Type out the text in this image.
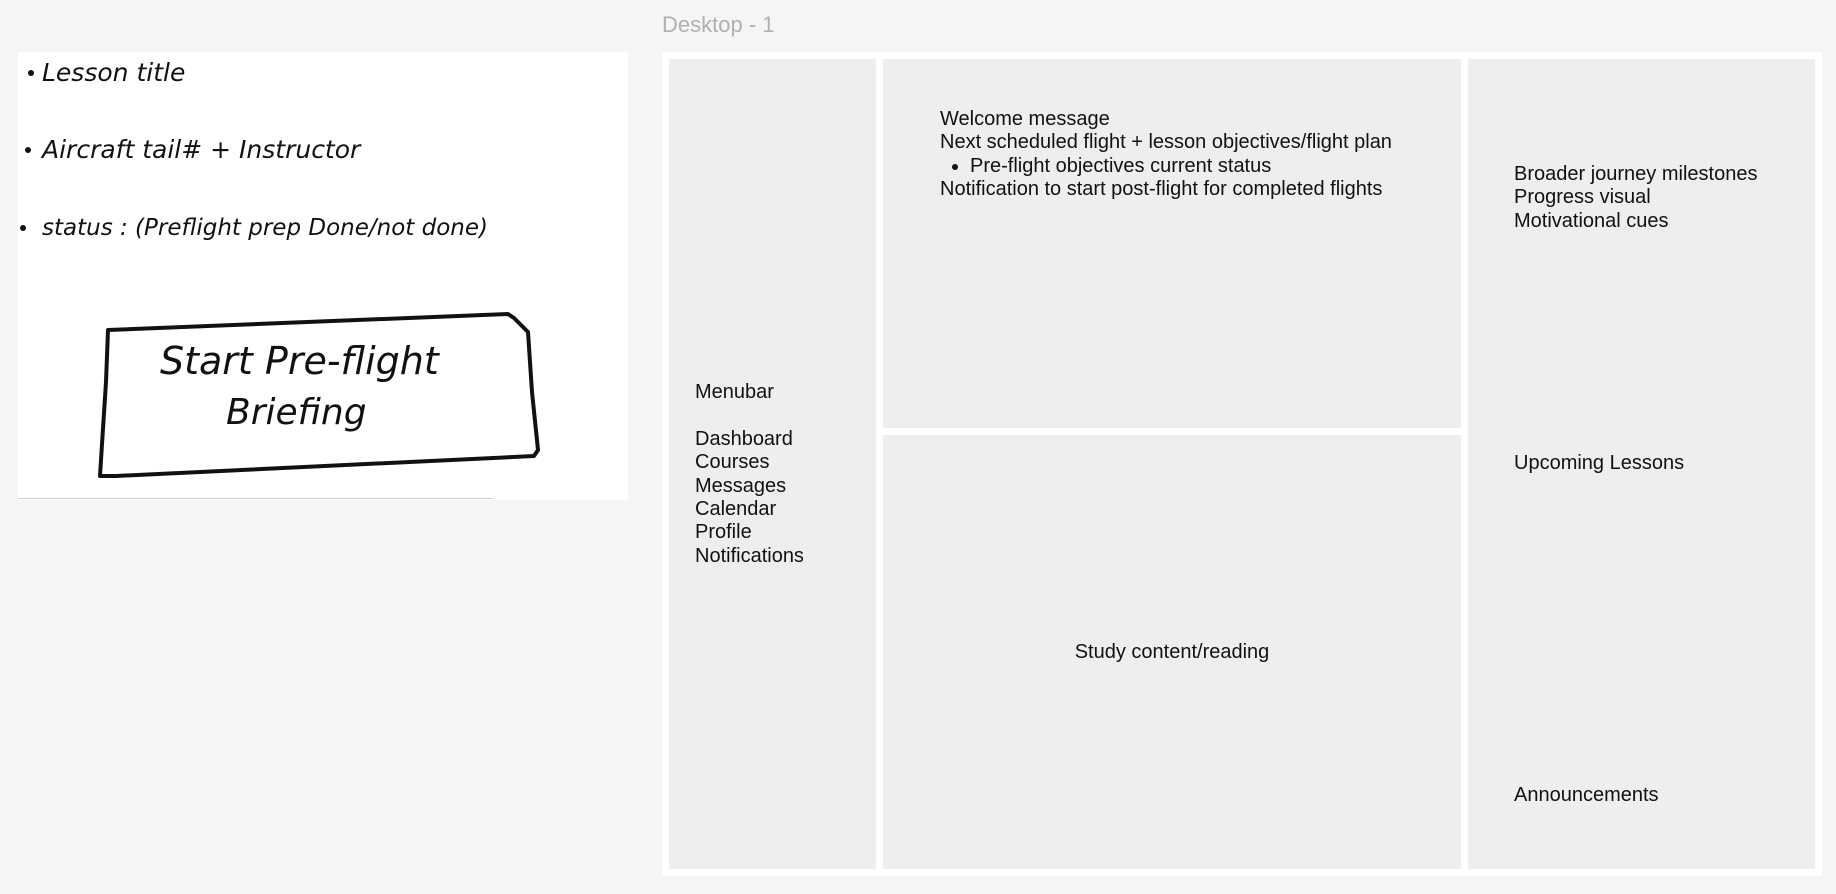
Desktop - 1
Lesson title
Aircraft tail# + Instructor
status : (Preflight prep Done/not done)
Start Pre-flight
Briefing	Menubar
Dashboard
Courses
Messages
Calendar
Profile
Notifications
Welcome message
Next scheduled flight + lesson objectives/flight plan
• Pre-flight objectives current status
Notification to start post-flight for completed flights
Study content/reading
Broader journey milestones
Progress visual
Motivational cues
Upcoming Lessons
Announcements
